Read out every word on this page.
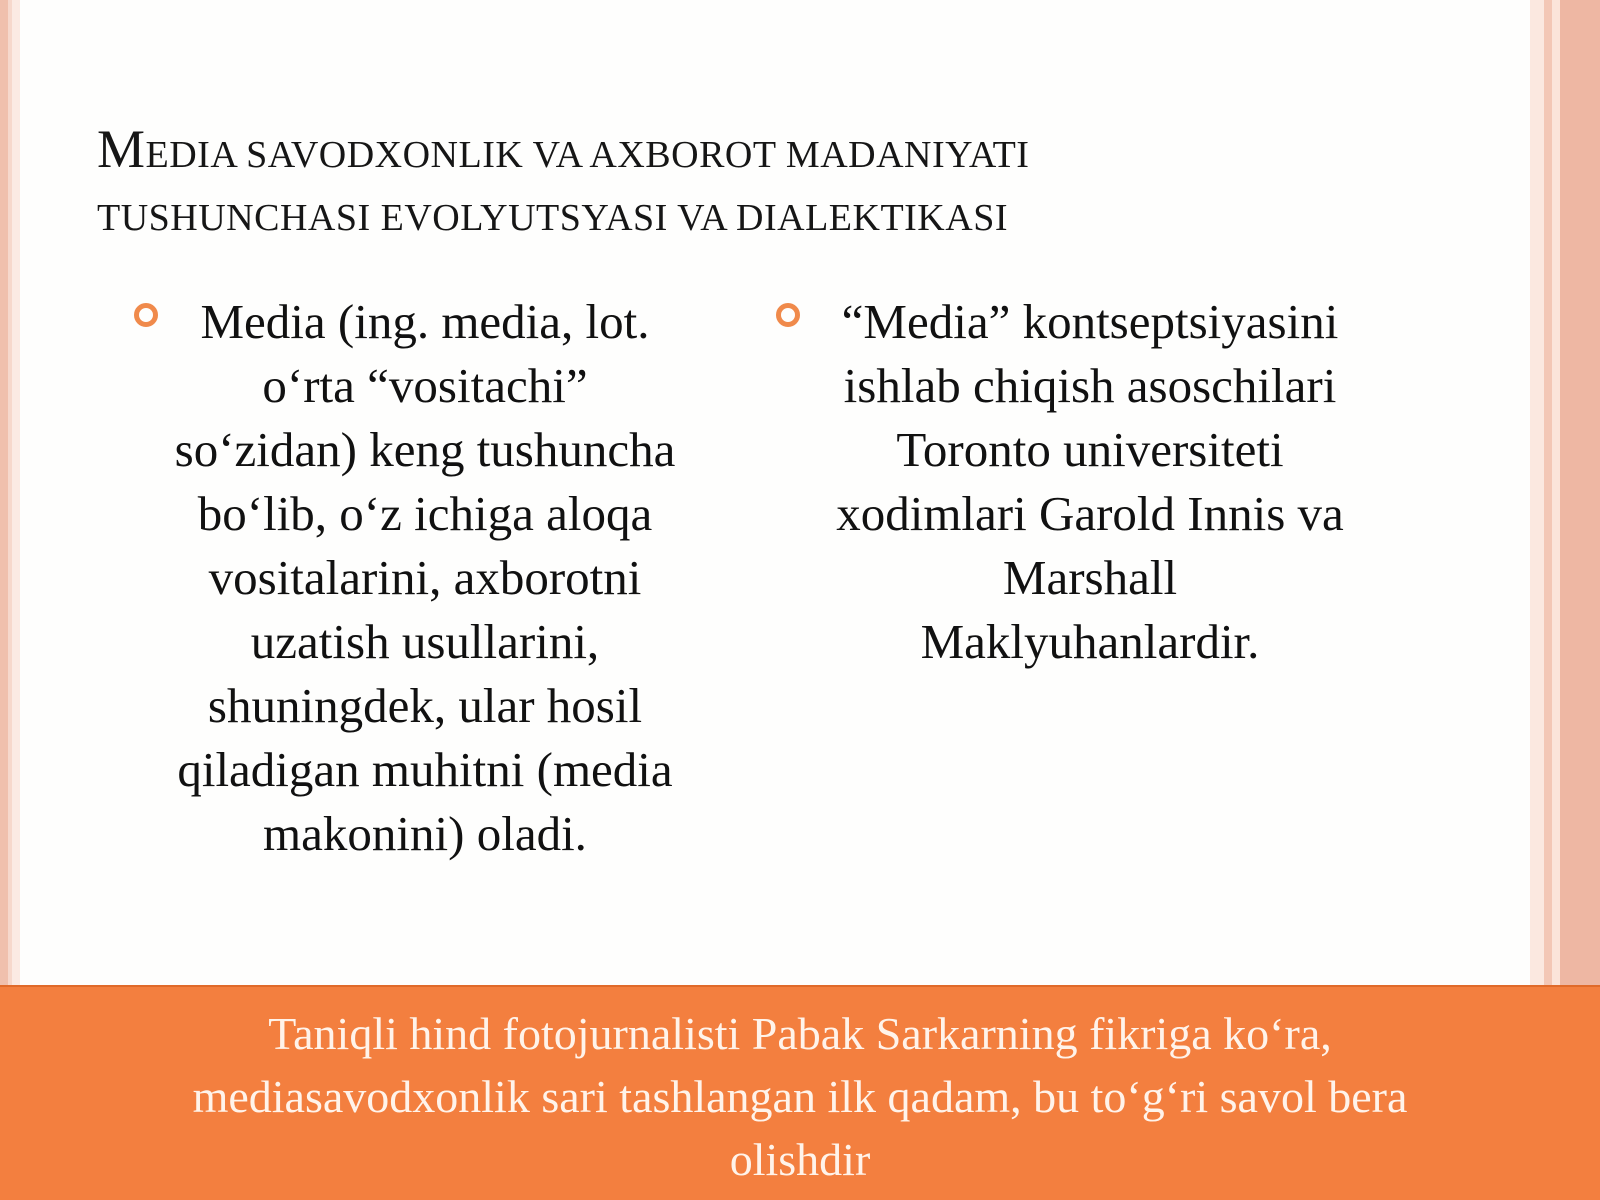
MEDIA SAVODXONLIK VA AXBOROT MADANIYATI
TUSHUNCHASI EVOLYUTSYASI VA DIALEKTIKASI
Media (ing. media, lot.
o‘rta “vositachi”
so‘zidan) keng tushuncha
bo‘lib, o‘z ichiga aloqa
vositalarini, axborotni
uzatish usullarini,
shuningdek, ular hosil
qiladigan muhitni (media
makonini) oladi.
“Media” kontseptsiyasini
ishlab chiqish asoschilari
Toronto universiteti
xodimlari Garold Innis va
Marshall
Maklyuhanlardir.
Taniqli hind fotojurnalisti Pabak Sarkarning fikriga ko‘ra,
mediasavodxonlik sari tashlangan ilk qadam, bu to‘g‘ri savol bera
olishdir
